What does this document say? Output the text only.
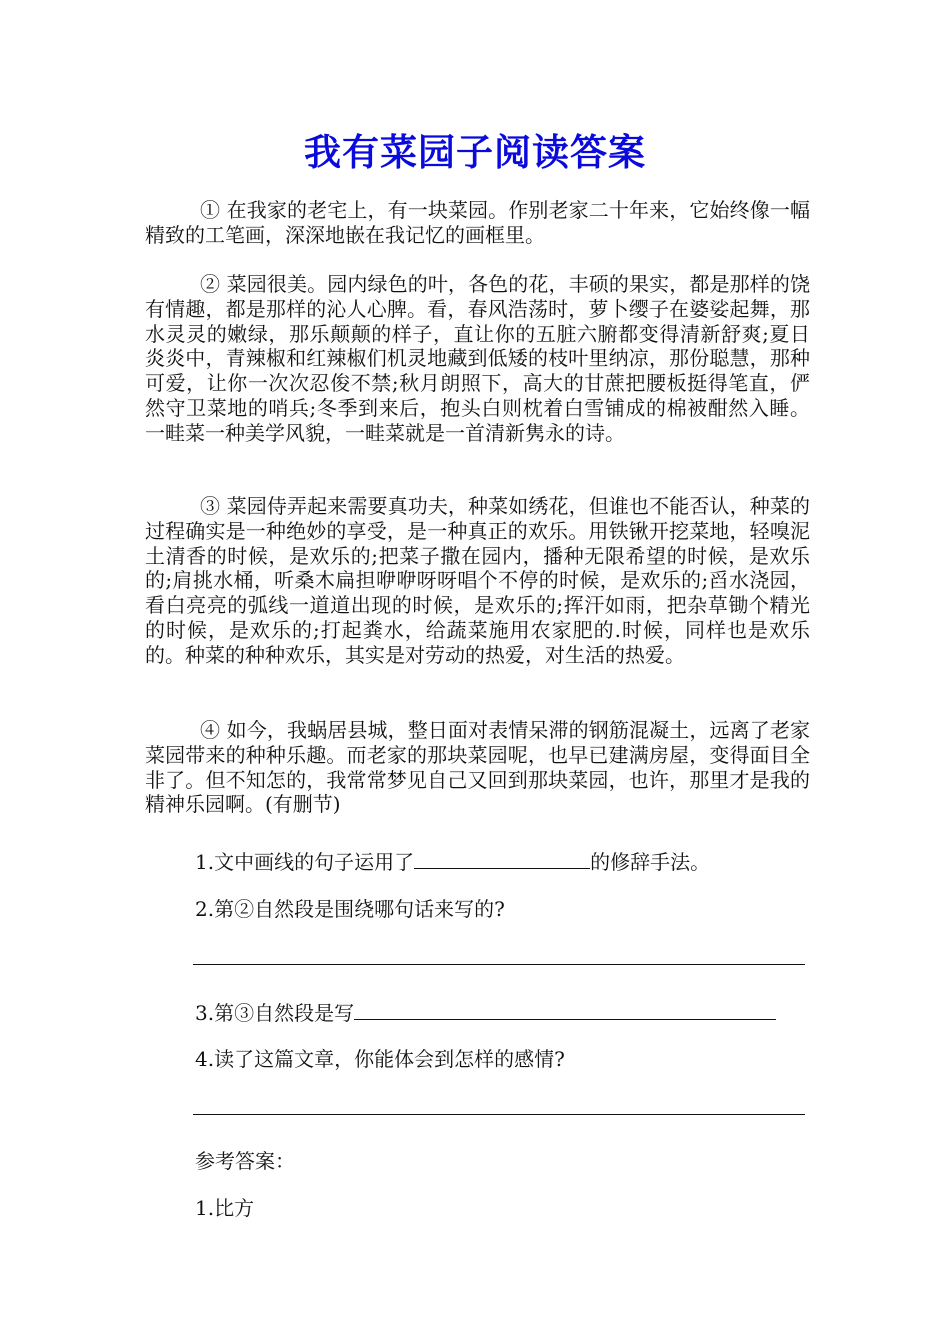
我有菜园子阅读答案

① 在我家的老宅上，有一块菜园。作别老家二十年来，它始终像一幅精致的工笔画，深深地嵌在我记忆的画框里。

② 菜园很美。园内绿色的叶，各色的花，丰硕的果实，都是那样的饶有情趣，都是那样的沁人心脾。看，春风浩荡时，萝卜缨子在婆娑起舞，那水灵灵的嫩绿，那乐颠颠的样子，直让你的五脏六腑都变得清新舒爽;夏日炎炎中，青辣椒和红辣椒们机灵地藏到低矮的枝叶里纳凉，那份聪慧，那种可爱，让你一次次忍俊不禁;秋月朗照下，高大的甘蔗把腰板挺得笔直，俨然守卫菜地的哨兵;冬季到来后，抱头白则枕着白雪铺成的棉被酣然入睡。一畦菜一种美学风貌，一畦菜就是一首清新隽永的诗。

③ 菜园侍弄起来需要真功夫，种菜如绣花，但谁也不能否认，种菜的过程确实是一种绝妙的享受，是一种真正的欢乐。用铁锹开挖菜地，轻嗅泥土清香的时候，是欢乐的;把菜子撒在园内，播种无限希望的时候，是欢乐的;肩挑水桶，听桑木扁担咿咿呀呀唱个不停的时候，是欢乐的;舀水浇园，看白亮亮的弧线一道道出现的时候，是欢乐的;挥汗如雨，把杂草锄个精光的时候，是欢乐的;打起粪水，给蔬菜施用农家肥的.时候，同样也是欢乐的。种菜的种种欢乐，其实是对劳动的热爱，对生活的热爱。

④ 如今，我蜗居县城，整日面对表情呆滞的钢筋混凝土，远离了老家菜园带来的种种乐趣。而老家的那块菜园呢，也早已建满房屋，变得面目全非了。但不知怎的，我常常梦见自己又回到那块菜园，也许，那里才是我的精神乐园啊。(有删节)

1.文中画线的句子运用了	的修辞手法。

2.第②自然段是围绕哪句话来写的?

3.第③自然段是写

4.读了这篇文章，你能体会到怎样的感情?

参考答案：

1.比方
